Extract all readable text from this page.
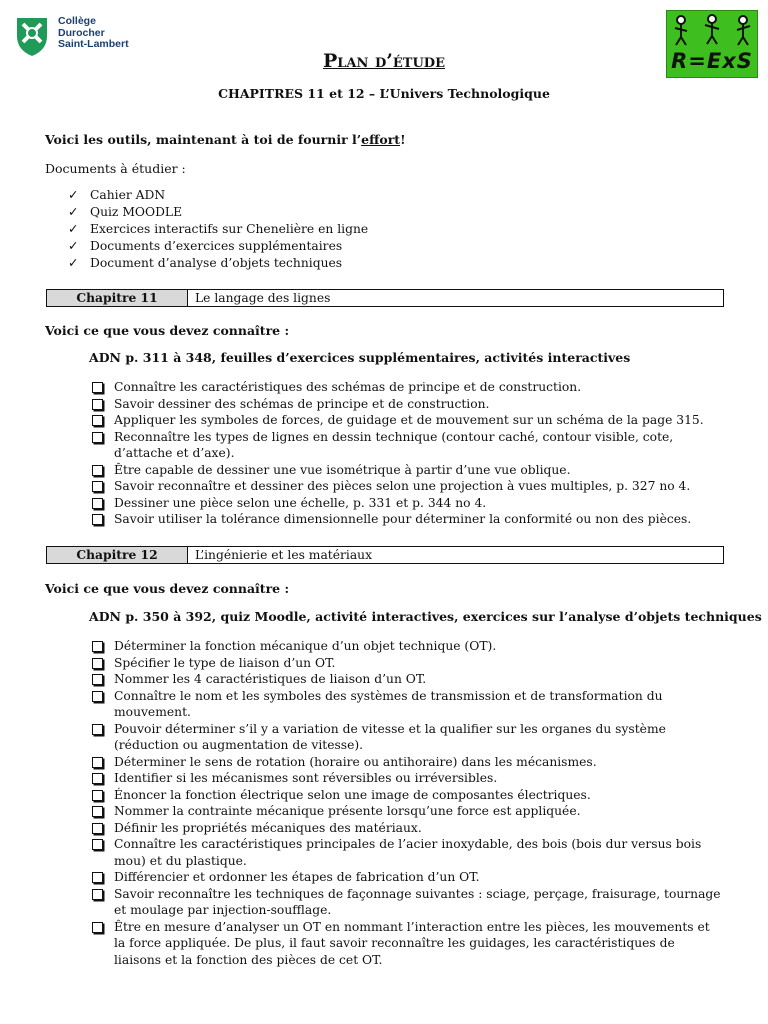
Collège
Durocher
Saint-Lambert
R=ExS
Plan d’étude
CHAPITRES 11 et 12 – L’Univers Technologique
Voici les outils, maintenant à toi de fournir l’effort!
Documents à étudier :
✓ Cahier ADN
✓ Quiz MOODLE
✓ Exercices interactifs sur Chenelière en ligne
✓ Documents d’exercices supplémentaires
✓ Document d’analyse d’objets techniques
Chapitre 11	Le langage des lignes
Voici ce que vous devez connaître :
ADN p. 311 à 348, feuilles d’exercices supplémentaires, activités interactives
Connaître les caractéristiques des schémas de principe et de construction.
Savoir dessiner des schémas de principe et de construction.
Appliquer les symboles de forces, de guidage et de mouvement sur un schéma de la page 315.
Reconnaître les types de lignes en dessin technique (contour caché, contour visible, cote, d’attache et d’axe).
Être capable de dessiner une vue isométrique à partir d’une vue oblique.
Savoir reconnaître et dessiner des pièces selon une projection à vues multiples, p. 327 no 4.
Dessiner une pièce selon une échelle, p. 331 et p. 344 no 4.
Savoir utiliser la tolérance dimensionnelle pour déterminer la conformité ou non des pièces.
Chapitre 12	L’ingénierie et les matériaux
Voici ce que vous devez connaître :
ADN p. 350 à 392, quiz Moodle, activité interactives, exercices sur l’analyse d’objets techniques
Déterminer la fonction mécanique d’un objet technique (OT).
Spécifier le type de liaison d’un OT.
Nommer les 4 caractéristiques de liaison d’un OT.
Connaître le nom et les symboles des systèmes de transmission et de transformation du mouvement.
Pouvoir déterminer s’il y a variation de vitesse et la qualifier sur les organes du système (réduction ou augmentation de vitesse).
Déterminer le sens de rotation (horaire ou antihoraire) dans les mécanismes.
Identifier si les mécanismes sont réversibles ou irréversibles.
Énoncer la fonction électrique selon une image de composantes électriques.
Nommer la contrainte mécanique présente lorsqu’une force est appliquée.
Définir les propriétés mécaniques des matériaux.
Connaître les caractéristiques principales de l’acier inoxydable, des bois (bois dur versus bois mou) et du plastique.
Différencier et ordonner les étapes de fabrication d’un OT.
Savoir reconnaître les techniques de façonnage suivantes : sciage, perçage, fraisurage, tournage et moulage par injection-soufflage.
Être en mesure d’analyser un OT en nommant l’interaction entre les pièces, les mouvements et la force appliquée. De plus, il faut savoir reconnaître les guidages, les caractéristiques de liaisons et la fonction des pièces de cet OT.
